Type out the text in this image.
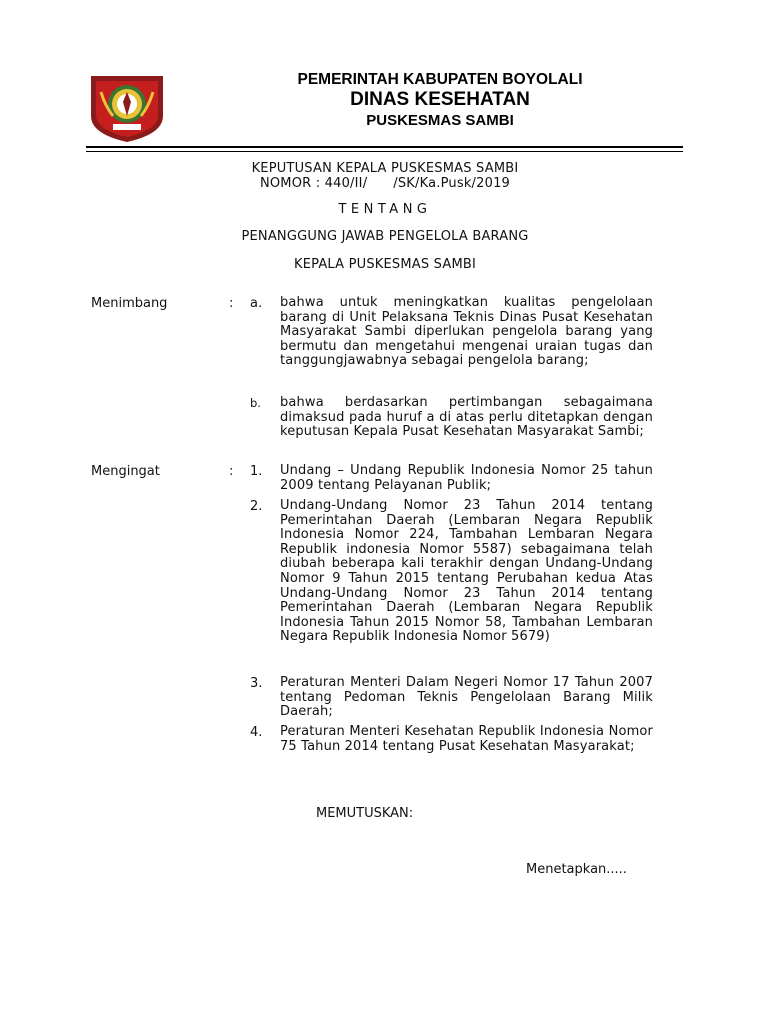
PEMERINTAH KABUPATEN BOYOLALI
DINAS KESEHATAN
PUSKESMAS SAMBI
KEPUTUSAN KEPALA PUSKESMAS SAMBI
NOMOR : 440/II/      /SK/Ka.Pusk/2019
TENTANG
PENANGGUNG JAWAB PENGELOLA BARANG
KEPALA PUSKESMAS SAMBI
Menimbang	: a. bahwa untuk meningkatkan kualitas pengelolaan barang di Unit Pelaksana Teknis Dinas Pusat Kesehatan Masyarakat Sambi diperlukan pengelola barang yang bermutu dan mengetahui mengenai uraian tugas dan tanggungjawabnya sebagai pengelola barang;
b. bahwa berdasarkan pertimbangan sebagaimana dimaksud pada huruf a di atas perlu ditetapkan dengan keputusan Kepala Pusat Kesehatan Masyarakat Sambi;
Mengingat	: 1. Undang – Undang Republik Indonesia Nomor 25 tahun 2009 tentang Pelayanan Publik;
2. Undang-Undang Nomor 23 Tahun 2014 tentang Pemerintahan Daerah (Lembaran Negara Republik Indonesia Nomor 224, Tambahan Lembaran Negara Republik indonesia Nomor 5587) sebagaimana telah diubah beberapa kali terakhir dengan Undang-Undang Nomor 9 Tahun 2015 tentang Perubahan kedua Atas Undang-Undang Nomor 23 Tahun 2014 tentang Pemerintahan Daerah (Lembaran Negara Republik Indonesia Tahun 2015 Nomor 58, Tambahan Lembaran Negara Republik Indonesia Nomor 5679)
3. Peraturan Menteri Dalam Negeri Nomor 17 Tahun 2007 tentang Pedoman Teknis Pengelolaan Barang Milik Daerah;
4. Peraturan Menteri Kesehatan Republik Indonesia Nomor 75 Tahun 2014 tentang Pusat Kesehatan Masyarakat;
MEMUTUSKAN:
Menetapkan.....
